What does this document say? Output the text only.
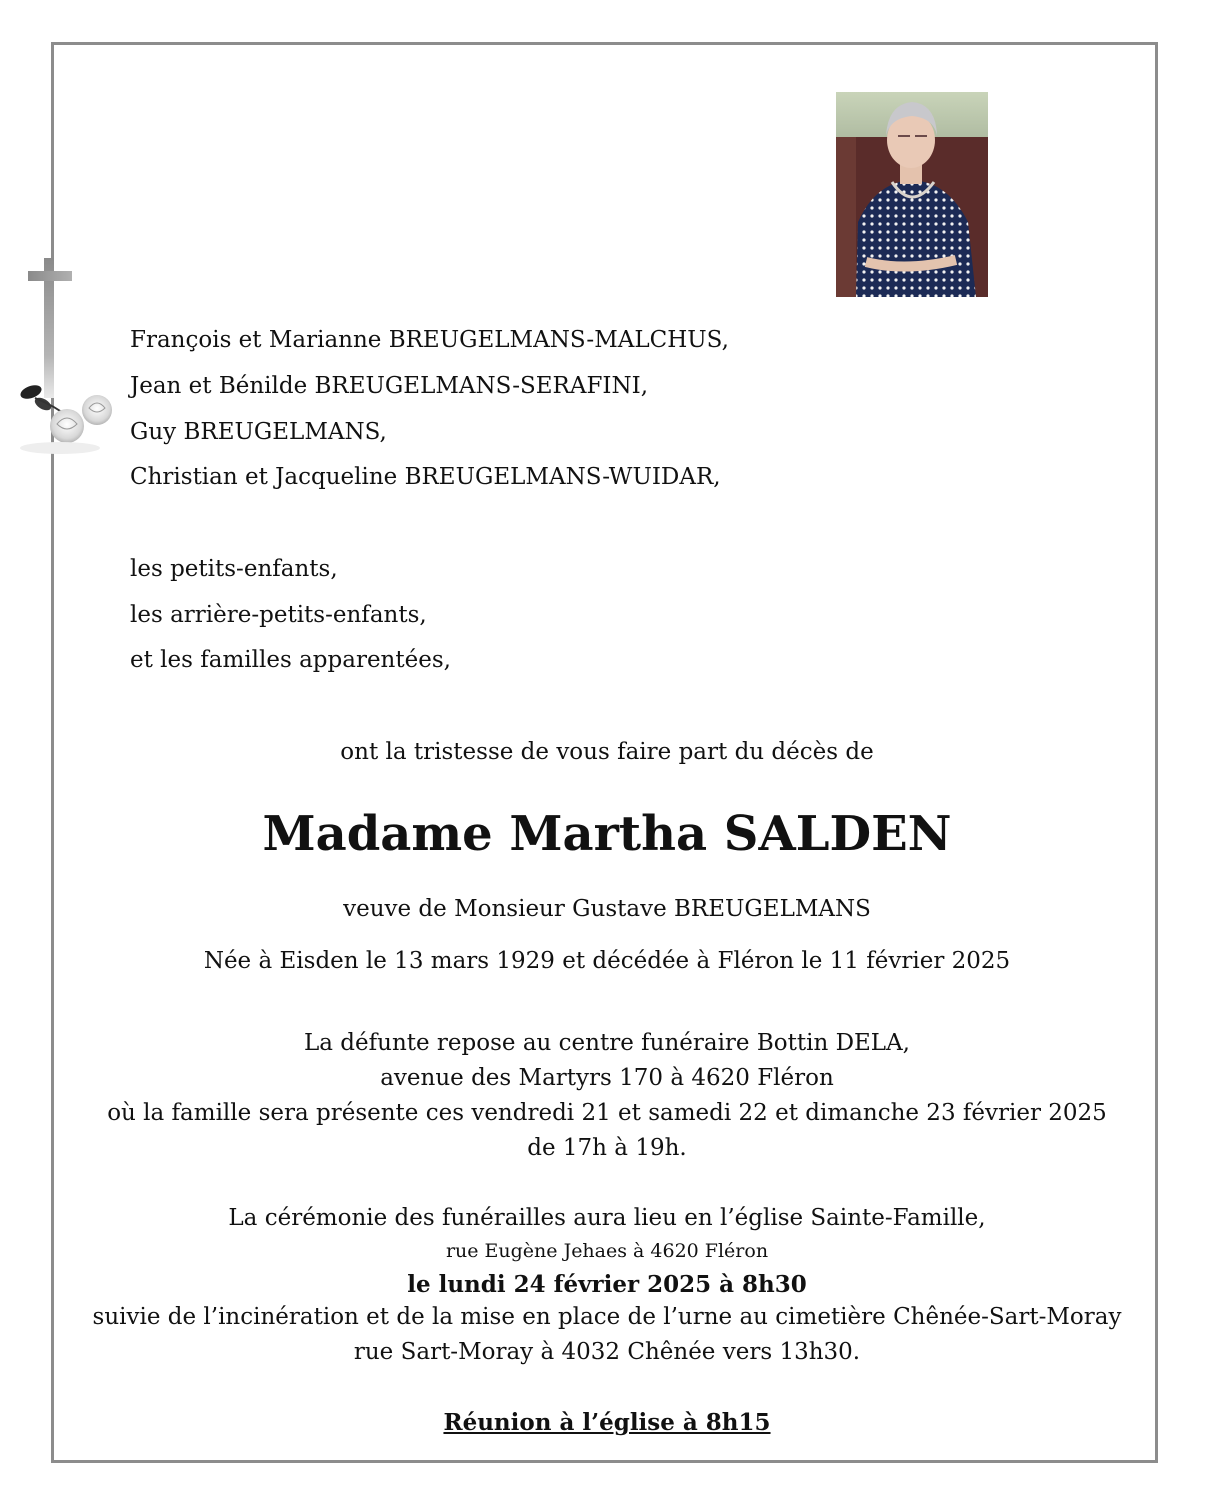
François et Marianne BREUGELMANS-MALCHUS,
Jean et Bénilde BREUGELMANS-SERAFINI,
Guy BREUGELMANS,
Christian et Jacqueline BREUGELMANS-WUIDAR,
les petits-enfants,
les arrière-petits-enfants,
et les familles apparentées,
ont la tristesse de vous faire part du décès de
Madame Martha SALDEN
veuve de Monsieur Gustave BREUGELMANS
Née à Eisden le 13 mars 1929 et décédée à Fléron le 11 février 2025
La défunte repose au centre funéraire Bottin DELA,
avenue des Martyrs 170 à 4620 Fléron
où la famille sera présente ces vendredi 21 et samedi 22 et dimanche 23 février 2025
de 17h à 19h.
La cérémonie des funérailles aura lieu en l’église Sainte-Famille,
rue Eugène Jehaes à 4620 Fléron
le lundi 24 février 2025 à 8h30
suivie de l’incinération et de la mise en place de l’urne au cimetière Chênée-Sart-Moray
rue Sart-Moray à 4032 Chênée vers 13h30.
Réunion à l’église à 8h15
